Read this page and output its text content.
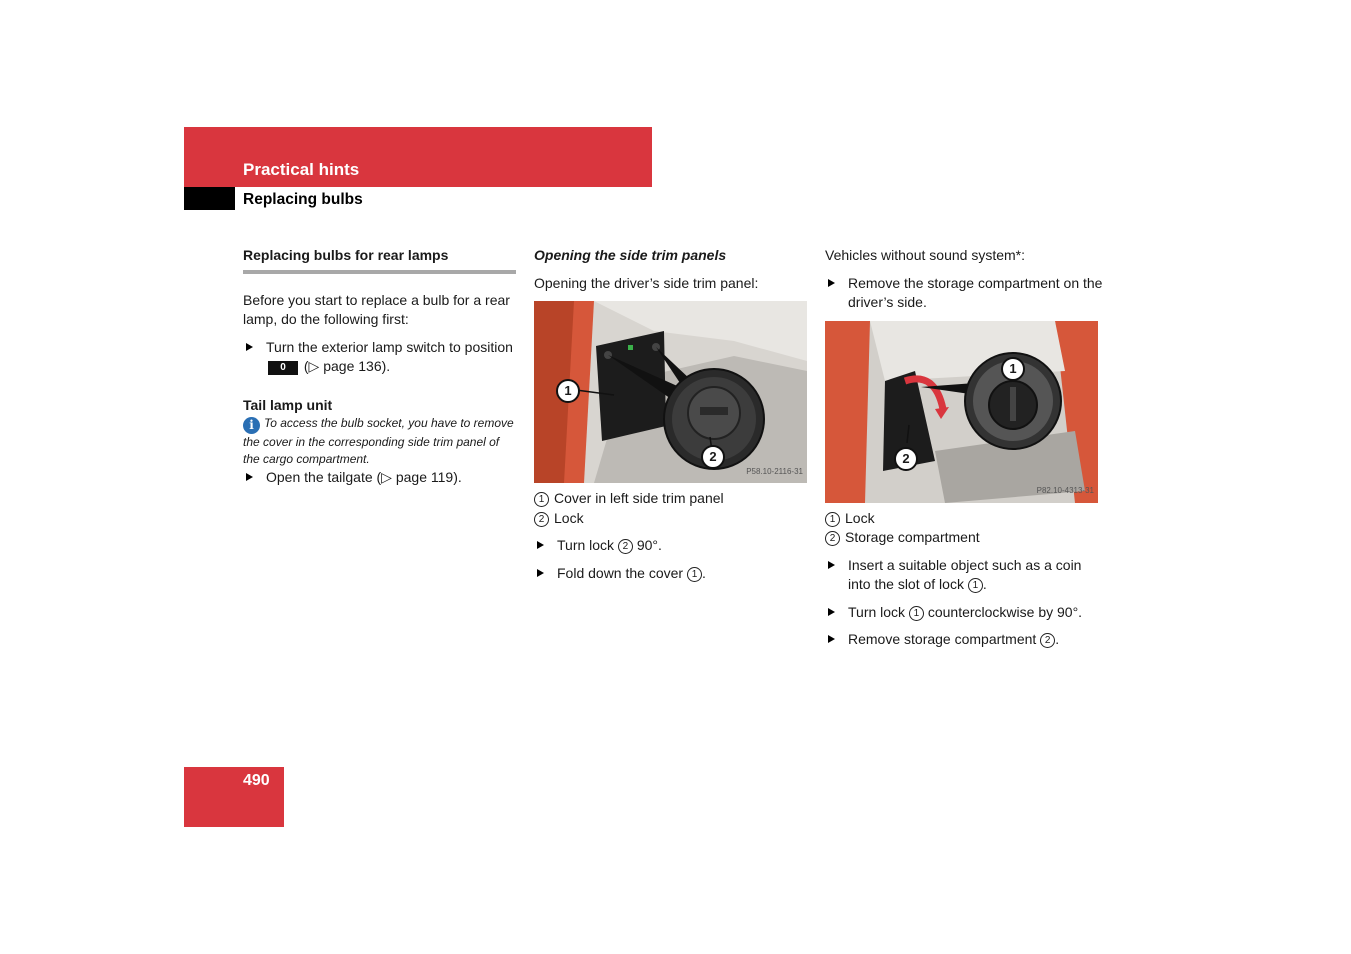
Practical hints
Replacing bulbs
Replacing bulbs for rear lamps

Before you start to replace a bulb for a rear lamp, do the following first:

Turn the exterior lamp switch to position 0 (▷ page 136).

Tail lamp unit

i To access the bulb socket, you have to remove the cover in the corresponding side trim panel of the cargo compartment.

Open the tailgate (▷ page 119).

Opening the side trim panels

Opening the driver’s side trim panel:

1
2
P58.10-2116-31

1 Cover in left side trim panel

2 Lock

Turn lock 2 90°.

Fold down the cover 1 .

Vehicles without sound system*:

Remove the storage compartment on the driver’s side.

1
2
P82.10-4313-31

1 Lock

2 Storage compartment

Insert a suitable object such as a coin into the slot of lock 1 .

Turn lock 1 counterclockwise by 90°.

Remove storage compartment 2 .

490
